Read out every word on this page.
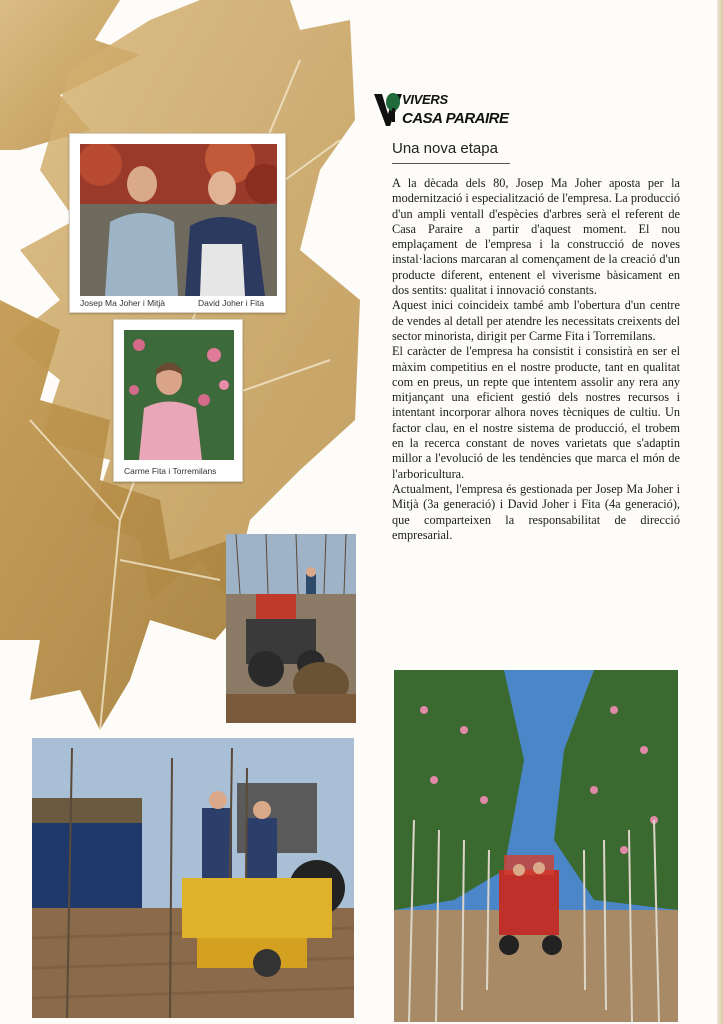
Josep Ma Joher i Mitjà	David Joher i Fita
Carme Fita i Torremilans
VIVERS
CASA PARAIRE
Una nova etapa

A la dècada dels 80, Josep Ma Joher aposta per la modernització i especialització de l'empresa. La producció d'un ampli ventall d'espècies d'arbres serà el referent de Casa Paraire a partir d'aquest moment. El nou emplaçament de l'empresa i la construcció de noves instal·lacions marcaran al començament de la creació d'un producte diferent, entenent el viverisme bàsicament en dos sentits: qualitat i innovació constants.

Aquest inici coincideix també amb l'obertura d'un centre de vendes al detall per atendre les necessitats creixents del sector minorista, dirigit per Carme Fita i Torremilans.

El caràcter de l'empresa ha consistit i consistirà en ser el màxim competitius en el nostre producte, tant en qualitat com en preus, un repte que intentem assolir any rera any mitjançant una eficient gestió dels nostres recursos i intentant incorporar alhora noves tècniques de cultiu. Un factor clau, en el nostre sistema de producció, el trobem en la recerca constant de noves varietats que s'adaptin millor a l'evolució de les tendències que marca el món de l'arboricultura.

Actualment, l'empresa és gestionada per Josep Ma Joher i Mitjà (3a generació) i David Joher i Fita (4a generació), que comparteixen la responsabilitat de direcció empresarial.
